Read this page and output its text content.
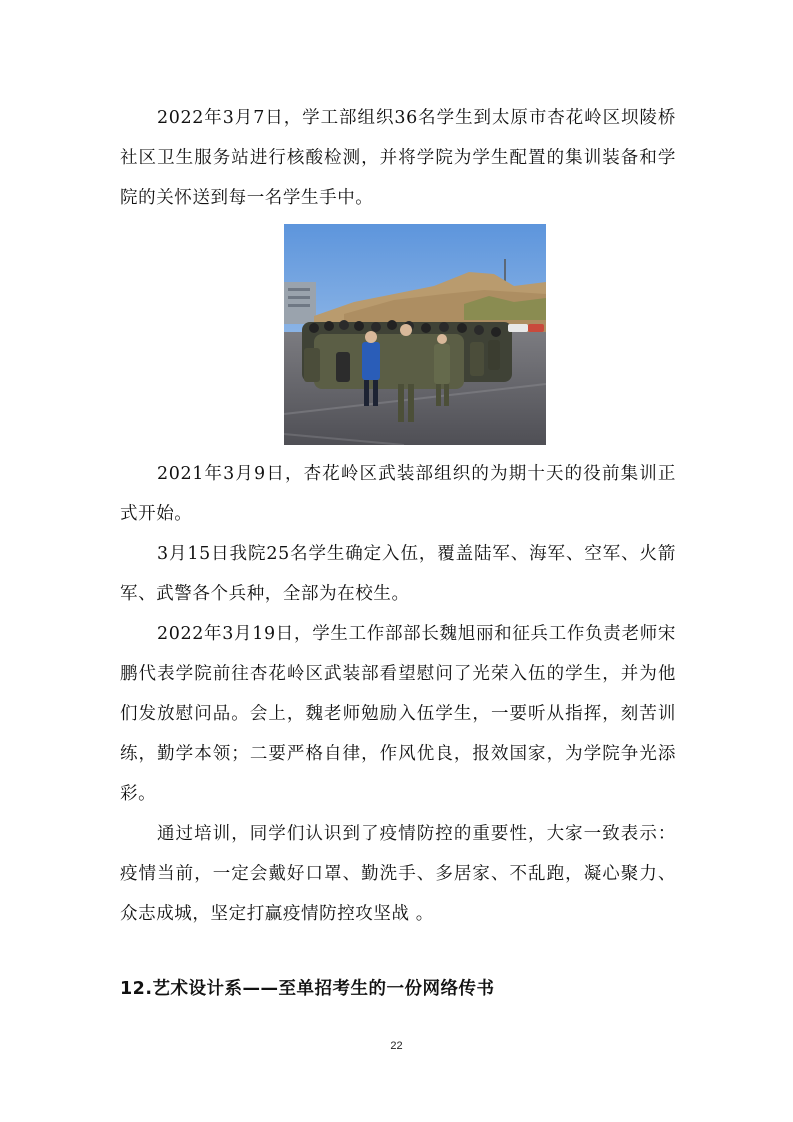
2022年3月7日，学工部组织36名学生到太原市杏花岭区坝陵桥社区卫生服务站进行核酸检测，并将学院为学生配置的集训装备和学院的关怀送到每一名学生手中。

2021年3月9日，杏花岭区武装部组织的为期十天的役前集训正式开始。

3月15日我院25名学生确定入伍，覆盖陆军、海军、空军、火箭军、武警各个兵种，全部为在校生。

2022年3月19日，学生工作部部长魏旭丽和征兵工作负责老师宋鹏代表学院前往杏花岭区武装部看望慰问了光荣入伍的学生，并为他们发放慰问品。会上，魏老师勉励入伍学生，一要听从指挥，刻苦训练，勤学本领；二要严格自律，作风优良，报效国家，为学院争光添彩。

通过培训，同学们认识到了疫情防控的重要性，大家一致表示：疫情当前，一定会戴好口罩、勤洗手、多居家、不乱跑，凝心聚力、众志成城，坚定打赢疫情防控攻坚战 。

12.艺术设计系——至单招考生的一份网络传书
22
